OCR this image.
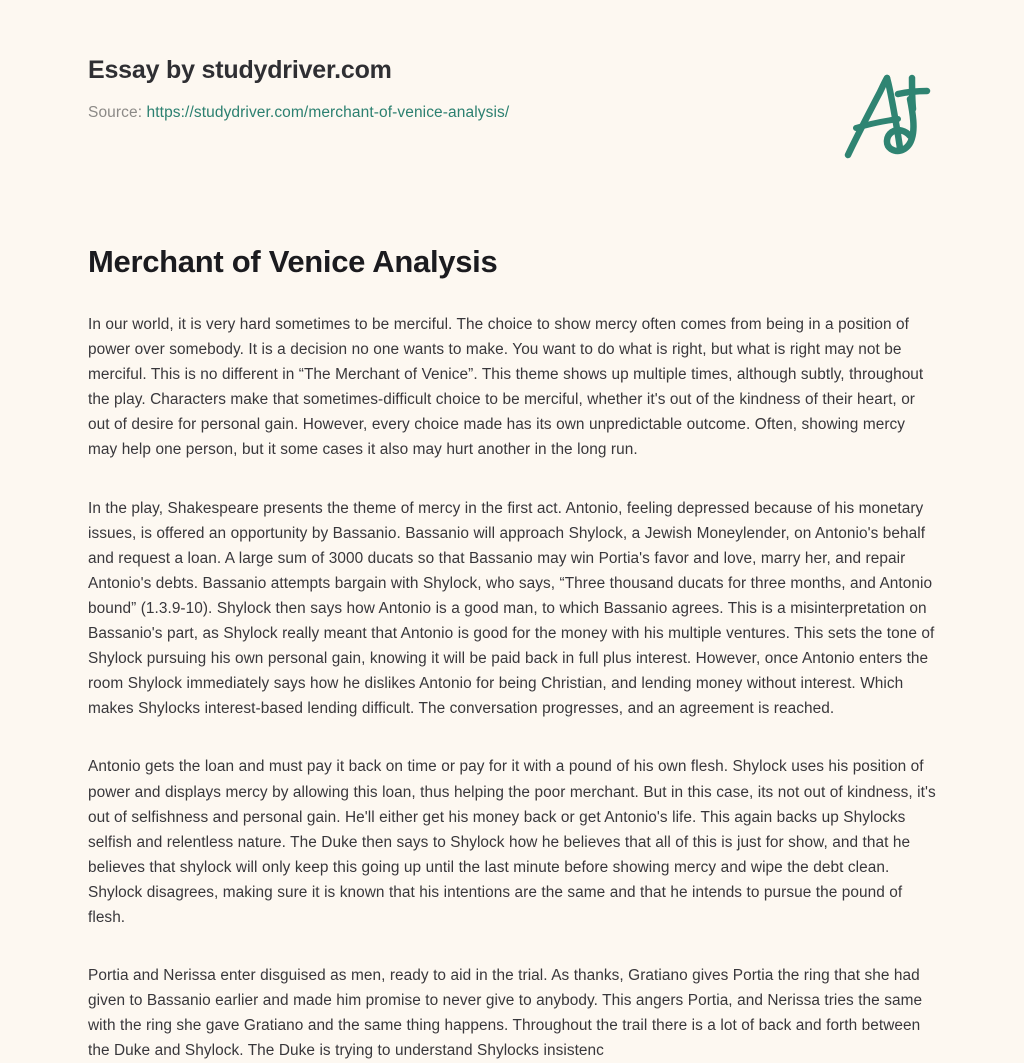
Essay by studydriver.com
Source: https://studydriver.com/merchant-of-venice-analysis/
Merchant of Venice Analysis

In our world, it is very hard sometimes to be merciful. The choice to show mercy often comes from being in a position of power over somebody. It is a decision no one wants to make. You want to do what is right, but what is right may not be merciful. This is no different in “The Merchant of Venice”. This theme shows up multiple times, although subtly, throughout the play. Characters make that sometimes-difficult choice to be merciful, whether it's out of the kindness of their heart, or out of desire for personal gain. However, every choice made has its own unpredictable outcome. Often, showing mercy may help one person, but it some cases it also may hurt another in the long run.

In the play, Shakespeare presents the theme of mercy in the first act. Antonio, feeling depressed because of his monetary issues, is offered an opportunity by Bassanio. Bassanio will approach Shylock, a Jewish Moneylender, on Antonio's behalf and request a loan. A large sum of 3000 ducats so that Bassanio may win Portia's favor and love, marry her, and repair Antonio's debts. Bassanio attempts bargain with Shylock, who says, “Three thousand ducats for three months, and Antonio bound” (1.3.9-10). Shylock then says how Antonio is a good man, to which Bassanio agrees. This is a misinterpretation on Bassanio's part, as Shylock really meant that Antonio is good for the money with his multiple ventures. This sets the tone of Shylock pursuing his own personal gain, knowing it will be paid back in full plus interest. However, once Antonio enters the room Shylock immediately says how he dislikes Antonio for being Christian, and lending money without interest. Which makes Shylocks interest-based lending difficult. The conversation progresses, and an agreement is reached.

Antonio gets the loan and must pay it back on time or pay for it with a pound of his own flesh. Shylock uses his position of power and displays mercy by allowing this loan, thus helping the poor merchant. But in this case, its not out of kindness, it's out of selfishness and personal gain. He'll either get his money back or get Antonio's life. This again backs up Shylocks selfish and relentless nature. The Duke then says to Shylock how he believes that all of this is just for show, and that he believes that shylock will only keep this going up until the last minute before showing mercy and wipe the debt clean. Shylock disagrees, making sure it is known that his intentions are the same and that he intends to pursue the pound of flesh.

Portia and Nerissa enter disguised as men, ready to aid in the trial. As thanks, Gratiano gives Portia the ring that she had given to Bassanio earlier and made him promise to never give to anybody. This angers Portia, and Nerissa tries the same with the ring she gave Gratiano and the same thing happens. Throughout the trail there is a lot of back and forth between the Duke and Shylock. The Duke is trying to understand Shylocks insistenc
